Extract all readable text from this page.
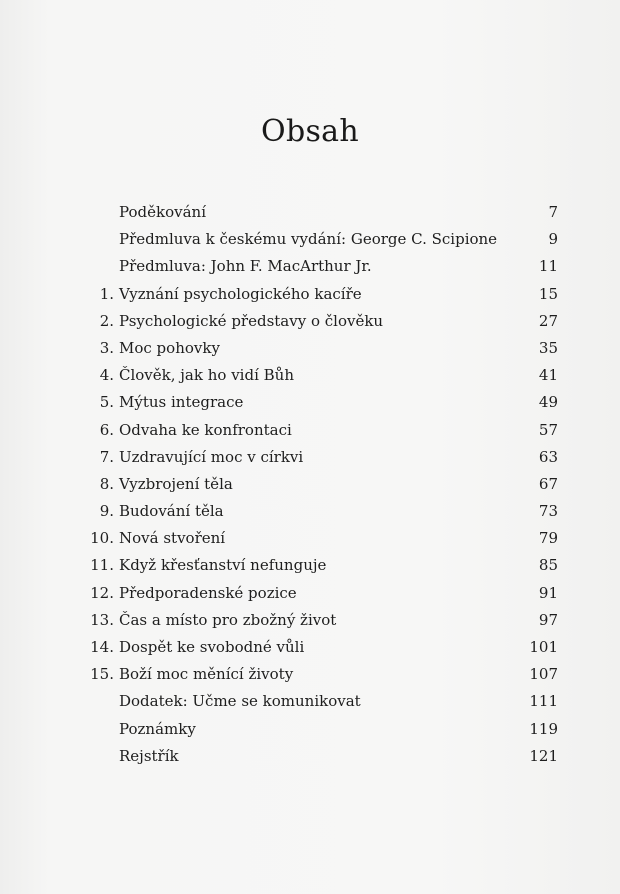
Obsah
Poděkování	7
Předmluva k českému vydání: George C. Scipione	9
Předmluva: John F. MacArthur Jr.	11
1. Vyznání psychologického kacíře	15
2. Psychologické představy o člověku	27
3. Moc pohovky	35
4. Člověk, jak ho vidí Bůh	41
5. Mýtus integrace	49
6. Odvaha ke konfrontaci	57
7. Uzdravující moc v církvi	63
8. Vyzbrojení těla	67
9. Budování těla	73
10. Nová stvoření	79
11. Když křesťanství nefunguje	85
12. Předporadenské pozice	91
13. Čas a místo pro zbožný život	97
14. Dospět ke svobodné vůli	101
15. Boží moc měnící životy	107
Dodatek: Učme se komunikovat	111
Poznámky	119
Rejstřík	121
